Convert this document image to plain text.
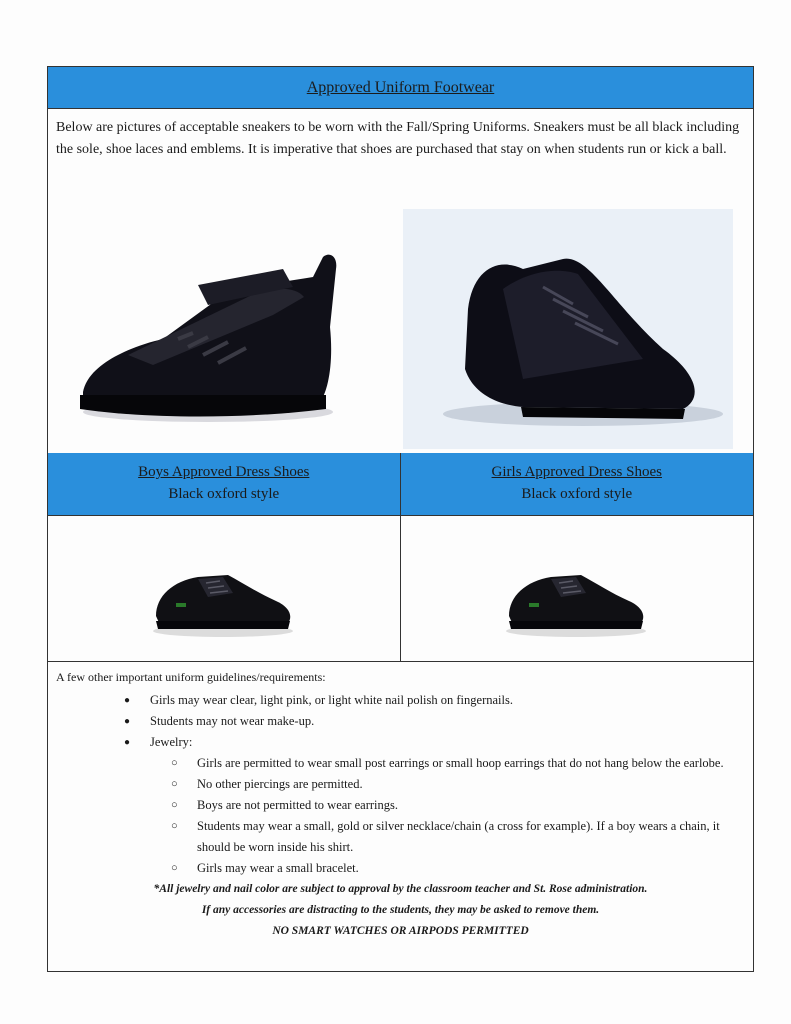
Approved Uniform Footwear
Below are pictures of acceptable sneakers to be worn with the Fall/Spring Uniforms. Sneakers must be all black including the sole, shoe laces and emblems. It is imperative that shoes are purchased that stay on when students run or kick a ball.
Boys Approved Dress Shoes
Black oxford style
Girls Approved Dress Shoes
Black oxford style
A few other important uniform guidelines/requirements:
● Girls may wear clear, light pink, or light white nail polish on fingernails.
● Students may not wear make-up.
● Jewelry:
○ Girls are permitted to wear small post earrings or small hoop earrings that do not hang below the earlobe.
○ No other piercings are permitted.
○ Boys are not permitted to wear earrings.
○ Students may wear a small, gold or silver necklace/chain (a cross for example). If a boy wears a chain, it should be worn inside his shirt.
○ Girls may wear a small bracelet.
*All jewelry and nail color are subject to approval by the classroom teacher and St. Rose administration.
If any accessories are distracting to the students, they may be asked to remove them.
NO SMART WATCHES OR AIRPODS PERMITTED
